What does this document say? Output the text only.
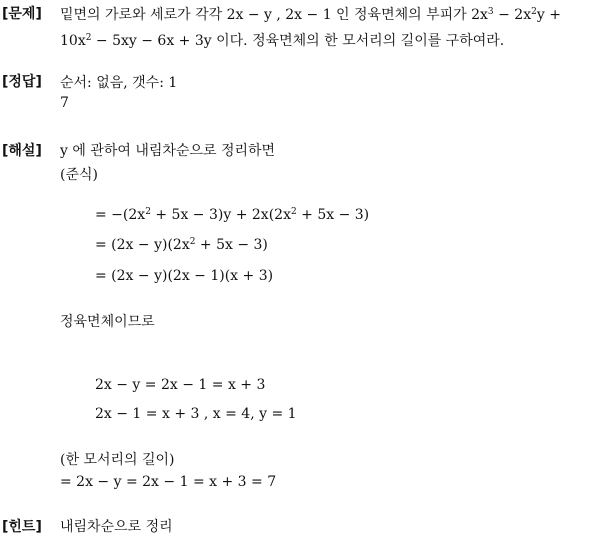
[문제] 밑면의 가로와 세로가 각각 2x − y , 2x − 1 인 정육면체의 부피가 $2x^3 - 2x^2y$ +
$10x^2 - 5xy - 6x + 3y$ 이다. 정육면체의 한 모서리의 길이를 구하여라.
[정답] 순서: 없음, 갯수: 1
7
[해설] y 에 관하여 내림차순으로 정리하면
(준식)
= $-(2x^2 + 5x - 3)y + 2x(2x^2 + 5x - 3)$
= $(2x - y)(2x^2 + 5x - 3)$
= (2x − y)(2x − 1)(x + 3)
정육면체이므로
2x − y = 2x − 1 = x + 3
2x − 1 = x + 3 , x = 4, y = 1
(한 모서리의 길이)
= 2x − y = 2x − 1 = x + 3 = 7
[힌트] 내림차순으로 정리
